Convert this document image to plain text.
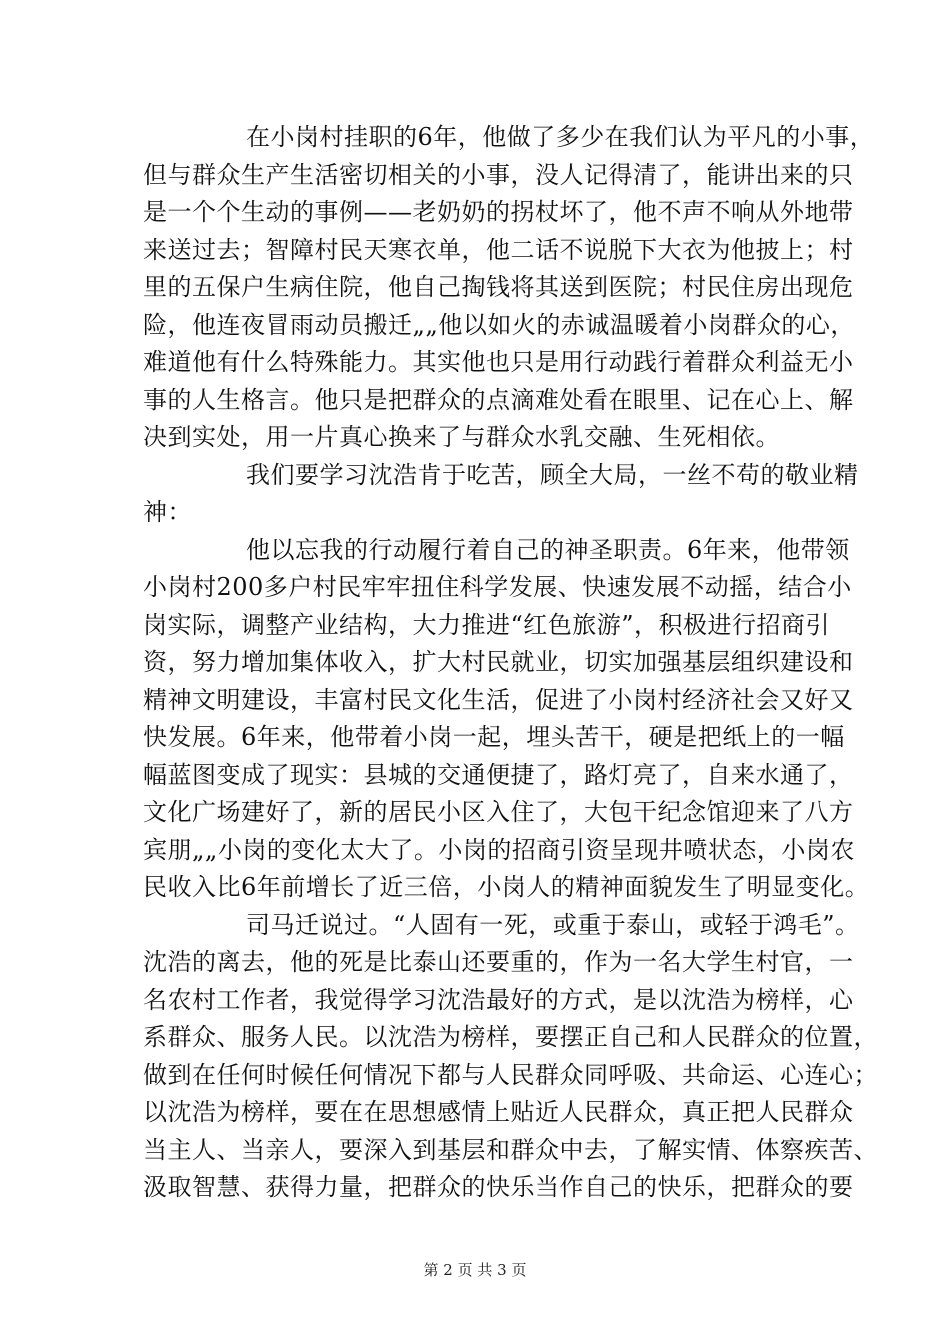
在小岗村挂职的6年，他做了多少在我们认为平凡的小事，
但与群众生产生活密切相关的小事，没人记得清了，能讲出来的只
是一个个生动的事例——老奶奶的拐杖坏了，他不声不响从外地带
来送过去；智障村民天寒衣单，他二话不说脱下大衣为他披上；村
里的五保户生病住院，他自己掏钱将其送到医院；村民住房出现危
险，他连夜冒雨动员搬迁„„他以如火的赤诚温暖着小岗群众的心，
难道他有什么特殊能力。其实他也只是用行动践行着群众利益无小
事的人生格言。他只是把群众的点滴难处看在眼里、记在心上、解
决到实处，用一片真心换来了与群众水乳交融、生死相依。
我们要学习沈浩肯于吃苦，顾全大局，一丝不苟的敬业精
神：
他以忘我的行动履行着自己的神圣职责。6年来，他带领
小岗村200多户村民牢牢扭住科学发展、快速发展不动摇，结合小
岗实际，调整产业结构，大力推进“红色旅游”，积极进行招商引
资，努力增加集体收入，扩大村民就业，切实加强基层组织建设和
精神文明建设，丰富村民文化生活，促进了小岗村经济社会又好又
快发展。6年来，他带着小岗一起，埋头苦干，硬是把纸上的一幅
幅蓝图变成了现实：县城的交通便捷了，路灯亮了，自来水通了，
文化广场建好了，新的居民小区入住了，大包干纪念馆迎来了八方
宾朋„„小岗的变化太大了。小岗的招商引资呈现井喷状态，小岗农
民收入比6年前增长了近三倍，小岗人的精神面貌发生了明显变化。
司马迁说过。“人固有一死，或重于泰山，或轻于鸿毛”。
沈浩的离去，他的死是比泰山还要重的，作为一名大学生村官，一
名农村工作者，我觉得学习沈浩最好的方式，是以沈浩为榜样，心
系群众、服务人民。以沈浩为榜样，要摆正自己和人民群众的位置，
做到在任何时候任何情况下都与人民群众同呼吸、共命运、心连心；
以沈浩为榜样，要在在思想感情上贴近人民群众，真正把人民群众
当主人、当亲人，要深入到基层和群众中去，了解实情、体察疾苦、
汲取智慧、获得力量，把群众的快乐当作自己的快乐，把群众的要
第 2 页 共 3 页
